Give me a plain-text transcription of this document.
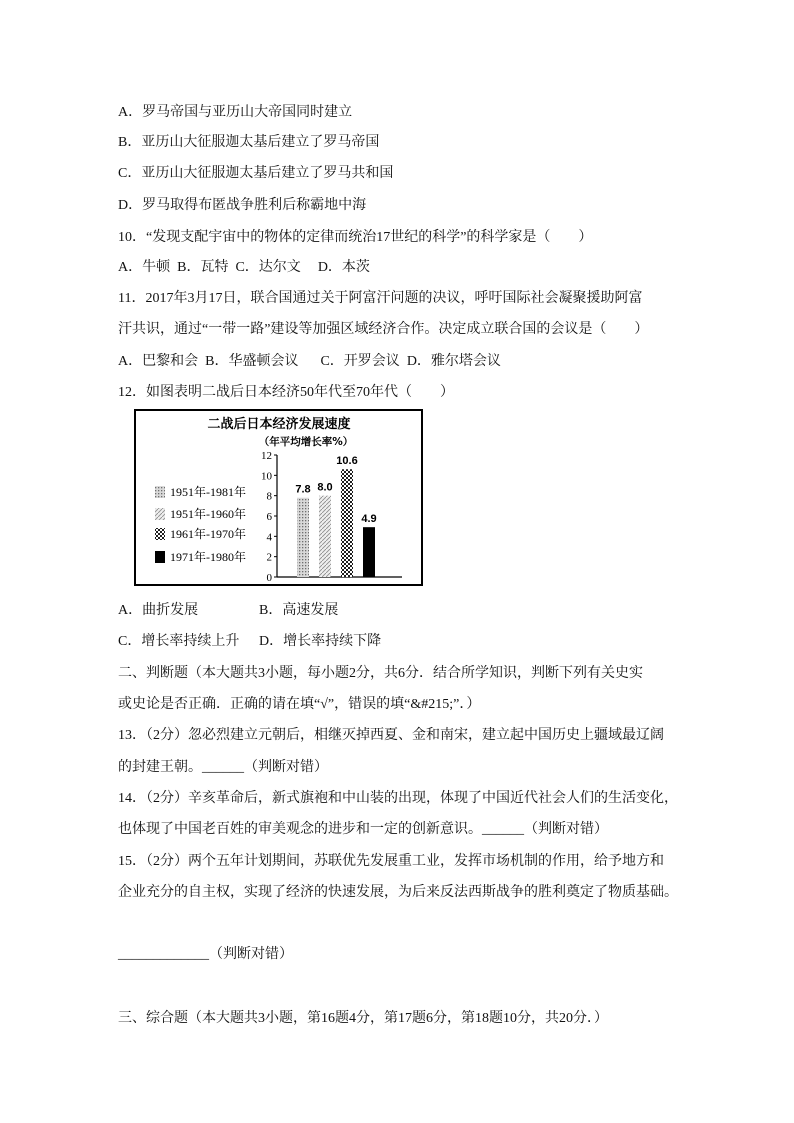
A．罗马帝国与亚历山大帝国同时建立
B．亚历山大征服迦太基后建立了罗马帝国
C．亚历山大征服迦太基后建立了罗马共和国
D．罗马取得布匿战争胜利后称霸地中海
10．“发现支配宇宙中的物体的定律而统治17世纪的科学”的科学家是（　　）
A．牛顿 B．瓦特 C．达尔文 D．本茨
11．2017年3月17日，联合国通过关于阿富汗问题的决议，呼吁国际社会凝聚援助阿富
汗共识，通过“一带一路”建设等加强区域经济合作。决定成立联合国的会议是（　　）
A．巴黎和会 B．华盛顿会议 C．开罗会议 D．雅尔塔会议
12．如图表明二战后日本经济50年代至70年代（　　）
二战后日本经济发展速度
（年平均增长率%）
1951年-1981年
1951年-1960年
1961年-1970年
1971年-1980年
0
2
4
6
8
10
12
7.8 8.0
10.6
4.9
A．曲折发展	B．高速发展
C．增长率持续上升 D．增长率持续下降
二、判断题（本大题共3小题，每小题2分，共6分．结合所学知识，判断下列有关史实
或史论是否正确．正确的请在填“√”，错误的填“&#215;”．）
13．（2分）忽必烈建立元朝后，相继灭掉西夏、金和南宋，建立起中国历史上疆域最辽阔
的封建王朝。______（判断对错）
14．（2分）辛亥革命后，新式旗袍和中山装的出现，体现了中国近代社会人们的生活变化，
也体现了中国老百姓的审美观念的进步和一定的创新意识。______（判断对错）
15．（2分）两个五年计划期间，苏联优先发展重工业，发挥市场机制的作用，给予地方和
企业充分的自主权，实现了经济的快速发展，为后来反法西斯战争的胜利奠定了物质基础。
_____________（判断对错）
三、综合题（本大题共3小题，第16题4分，第17题6分，第18题10分，共20分．）
